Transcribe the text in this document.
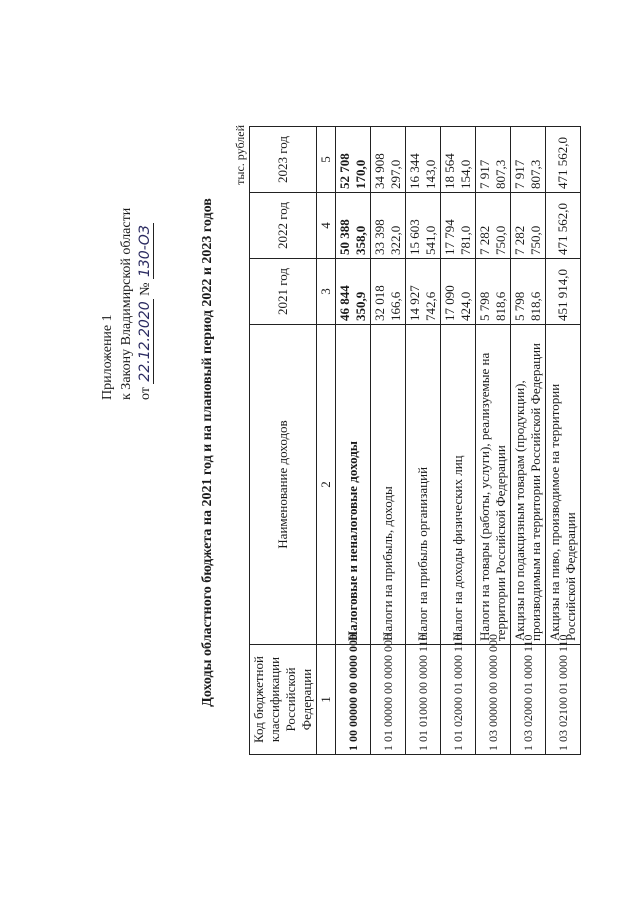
Приложение 1 к Закону Владимирской области от 22.12.2020 № 130-ОЗ	Доходы областного бюджета на 2021 год и на плановый период 2022 и 2023 годов
тыс. рублей
Код бюджетной классификации Российской Федерации	Наименование доходов	2021 год	2022 год	2023 год
1	2	3	4	5
1 00 00000 00 0000 000	Налоговые и неналоговые доходы	46 844 350,9	50 388 358,0	52 708 170,0
1 01 00000 00 0000 000	Налоги на прибыль, доходы	32 018 166,6	33 398 322,0	34 908 297,0
1 01 01000 00 0000 110	Налог на прибыль организаций	14 927 742,6	15 603 541,0	16 344 143,0
1 01 02000 01 0000 110	Налог на доходы физических лиц	17 090 424,0	17 794 781,0	18 564 154,0
1 03 00000 00 0000 000	Налоги на товары (работы, услуги), реализуемые на территории Российской Федерации	5 798 818,6	7 282 750,0	7 917 807,3
1 03 02000 01 0000 110	Акцизы по подакцизным товарам (продукции), производимым на территории Российской Федерации	5 798 818,6	7 282 750,0	7 917 807,3
1 03 02100 01 0000 110	Акцизы на пиво, производимое на территории Российской Федерации	451 914,0	471 562,0	471 562,0
